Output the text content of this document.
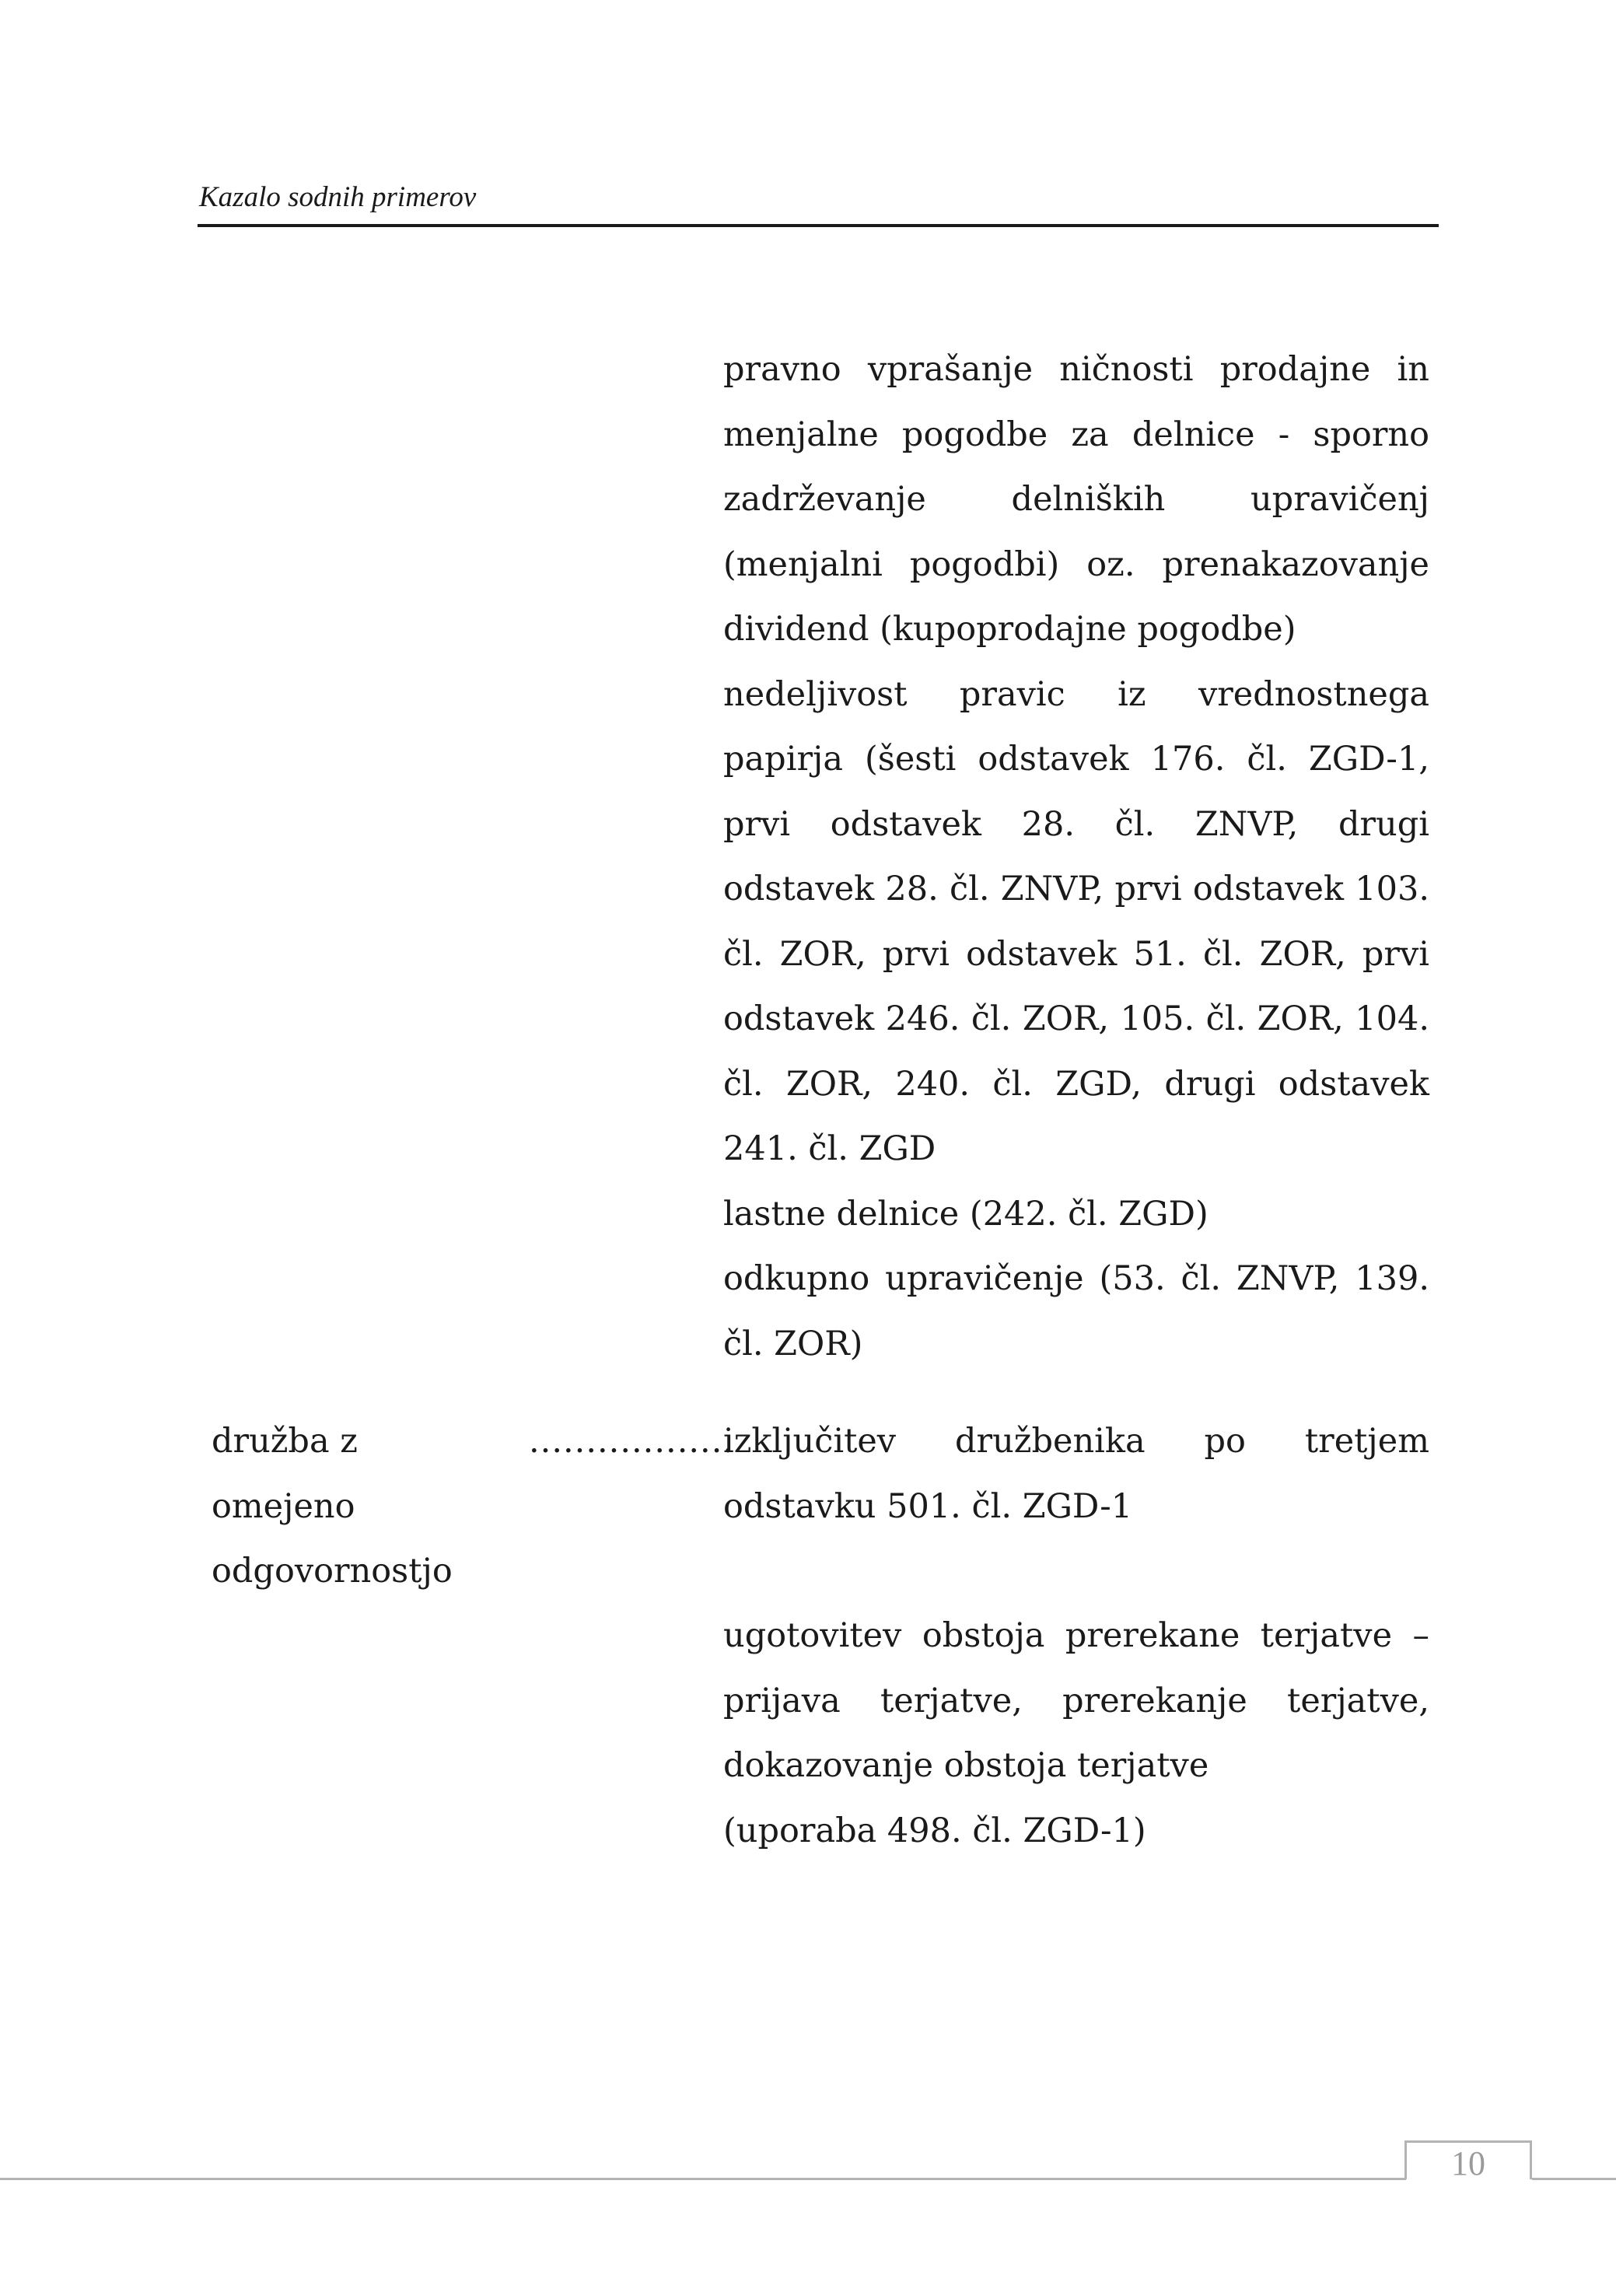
Kazalo sodnih primerov

pravno vprašanje ničnosti prodajne in menjalne pogodbe za delnice - sporno zadrževanje delniških upravičenj (menjalni pogodbi) oz. prenakazovanje dividend (kupoprodajne pogodbe)

nedeljivost pravic iz vrednostnega papirja (šesti odstavek 176. čl. ZGD-1, prvi odstavek 28. čl. ZNVP, drugi odstavek 28. čl. ZNVP, prvi odstavek 103. čl. ZOR, prvi odstavek 51. čl. ZOR, prvi odstavek 246. čl. ZOR, 105. čl. ZOR, 104. čl. ZOR, 240. čl. ZGD, drugi odstavek 241. čl. ZGD

lastne delnice (242. čl. ZGD)

odkupno upravičenje (53. čl. ZNVP, 139. čl. ZOR)

družba z omejeno odgovornostjo
..................

izključitev družbenika po tretjem odstavku 501. čl. ZGD-1

ugotovitev obstoja prerekane terjatve – prijava terjatve, prerekanje terjatve, dokazovanje obstoja terjatve

(uporaba 498. čl. ZGD-1)

10
